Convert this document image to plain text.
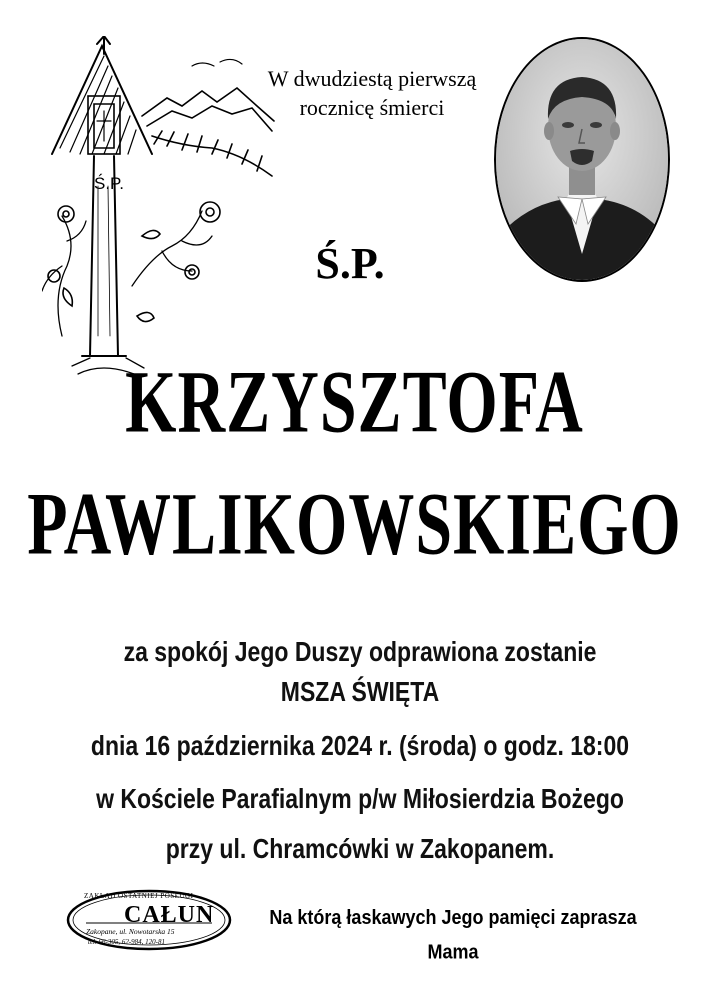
Ś.P.
W dwudziestą pierwszą
rocznicę śmierci
Ś.P.
KRZYSZTOFA
PAWLIKOWSKIEGO
za spokój Jego Duszy odprawiona zostanie
MSZA ŚWIĘTA
dnia 16 października 2024 r. (środa) o godz. 18:00
w Kościele Parafialnym p/w Miłosierdzia Bożego
przy ul. Chramcówki w Zakopanem.
ZAKŁAD OSTATNIEJ POSŁUGI
CAŁUN
Zakopane, ul. Nowotarska 15
tel. 66-305, 62-984, 120-81
Na którą łaskawych Jego pamięci zaprasza
Mama
